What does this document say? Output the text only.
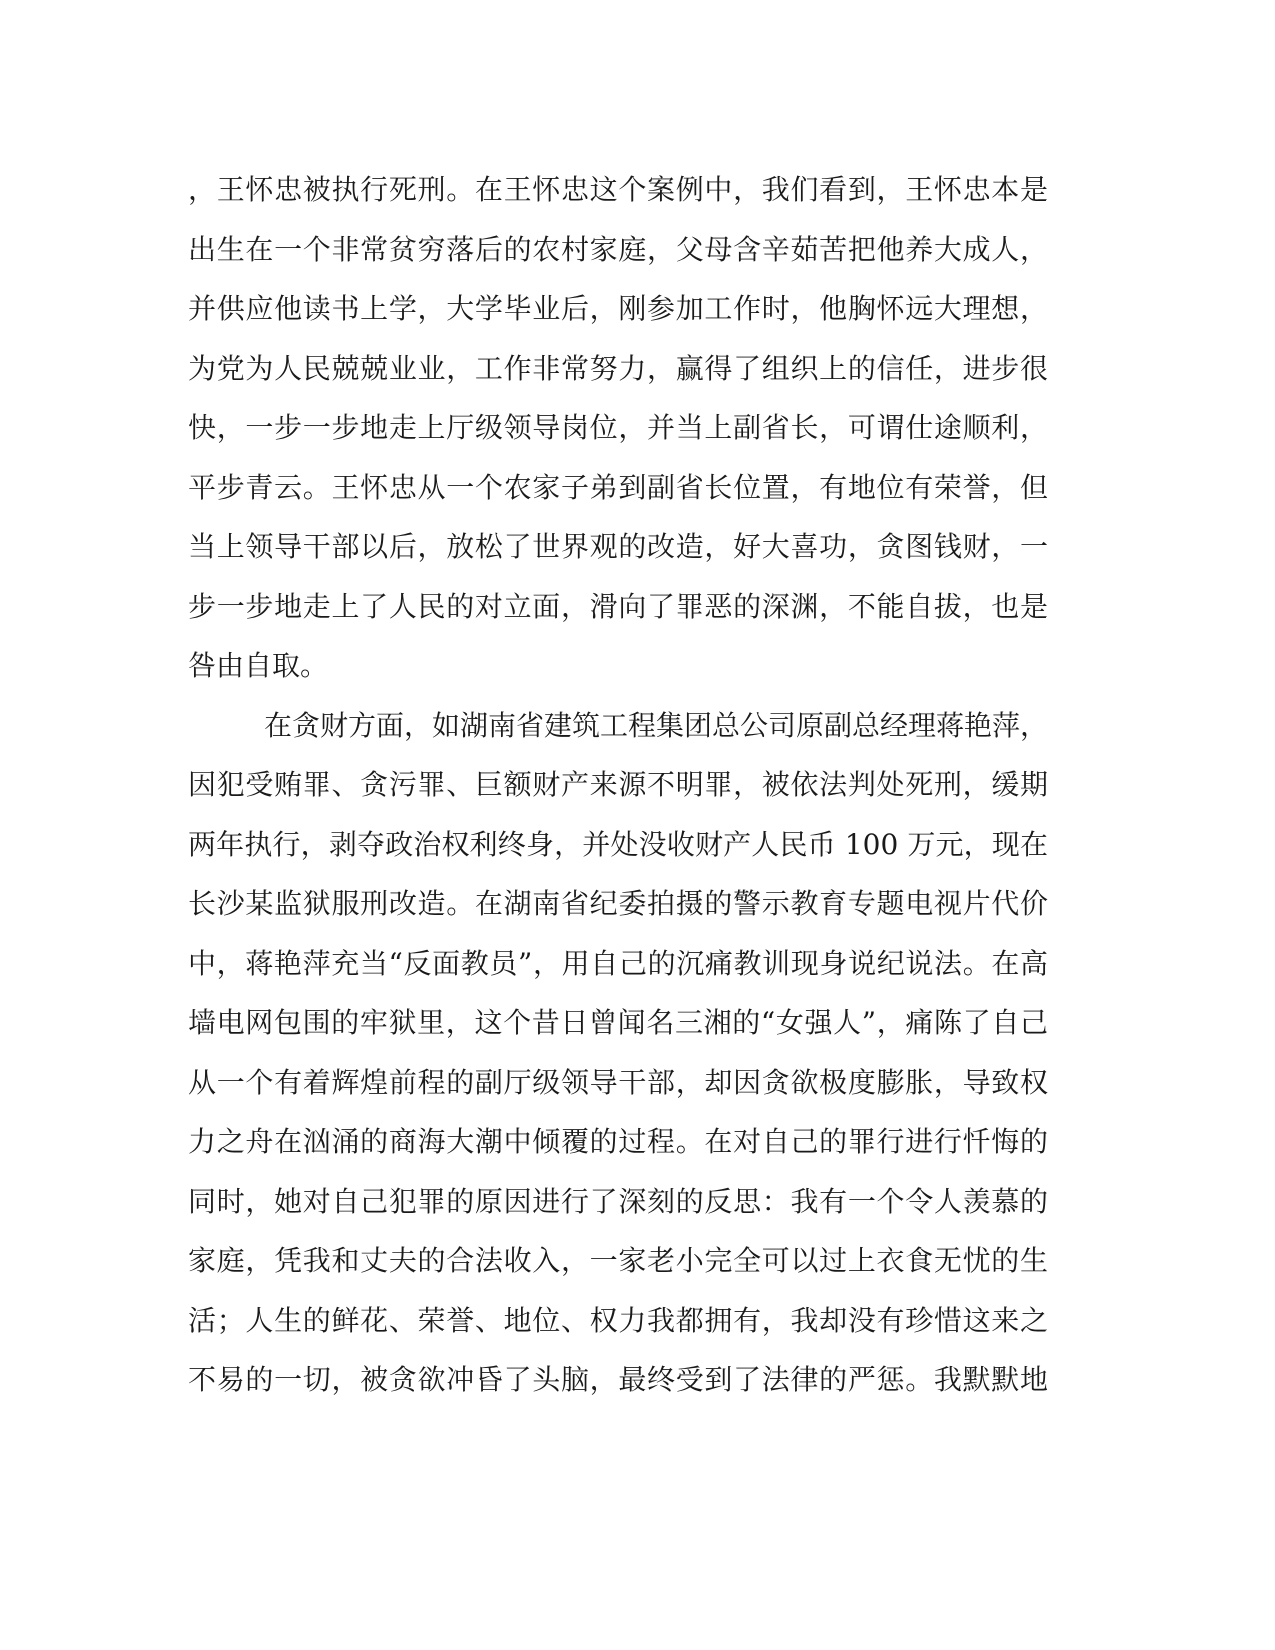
，王怀忠被执行死刑。在王怀忠这个案例中，我们看到，王怀忠本是
出生在一个非常贫穷落后的农村家庭，父母含辛茹苦把他养大成人，
并供应他读书上学，大学毕业后，刚参加工作时，他胸怀远大理想，
为党为人民兢兢业业，工作非常努力，赢得了组织上的信任，进步很
快，一步一步地走上厅级领导岗位，并当上副省长，可谓仕途顺利，
平步青云。王怀忠从一个农家子弟到副省长位置，有地位有荣誉，但
当上领导干部以后，放松了世界观的改造，好大喜功，贪图钱财，一
步一步地走上了人民的对立面，滑向了罪恶的深渊，不能自拔，也是
咎由自取。
在贪财方面，如湖南省建筑工程集团总公司原副总经理蒋艳萍，
因犯受贿罪、贪污罪、巨额财产来源不明罪，被依法判处死刑，缓期
两年执行，剥夺政治权利终身，并处没收财产人民币 100 万元，现在
长沙某监狱服刑改造。在湖南省纪委拍摄的警示教育专题电视片代价
中，蒋艳萍充当“反面教员”，用自己的沉痛教训现身说纪说法。在高
墙电网包围的牢狱里，这个昔日曾闻名三湘的“女强人”，痛陈了自己
从一个有着辉煌前程的副厅级领导干部，却因贪欲极度膨胀，导致权
力之舟在汹涌的商海大潮中倾覆的过程。在对自己的罪行进行忏悔的
同时，她对自己犯罪的原因进行了深刻的反思：我有一个令人羡慕的
家庭，凭我和丈夫的合法收入，一家老小完全可以过上衣食无忧的生
活；人生的鲜花、荣誉、地位、权力我都拥有，我却没有珍惜这来之
不易的一切，被贪欲冲昏了头脑，最终受到了法律的严惩。我默默地
